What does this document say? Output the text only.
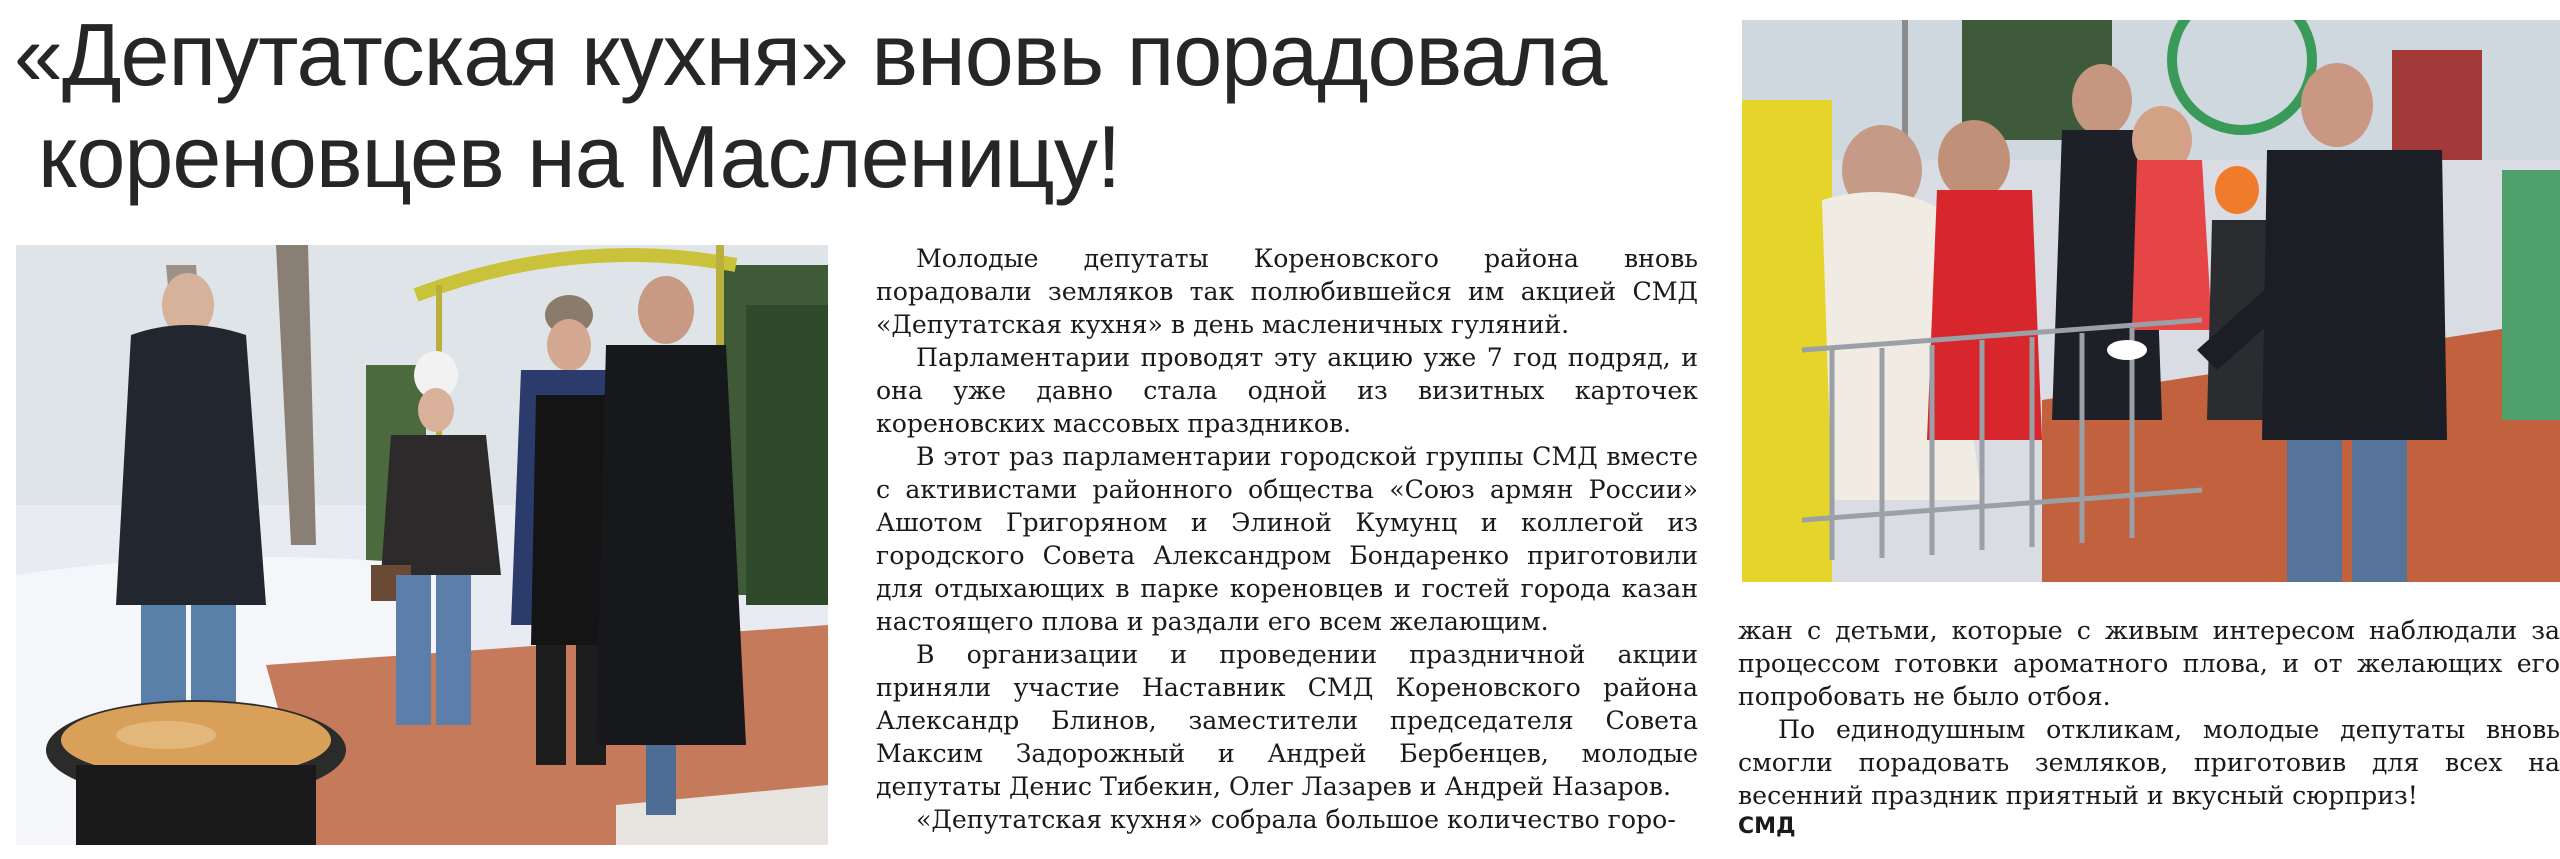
«Депутатская кухня» вновь порадовала
кореновцев на Масленицу!

Молодые депутаты Кореновского района вновь порадовали земляков так полюбившейся им акцией СМД «Депутатская кухня» в день масленичных гуляний.

Парламентарии проводят эту акцию уже 7 год подряд, и она уже давно стала одной из визитных карточек кореновских массовых праздников.

В этот раз парламентарии городской группы СМД вместе с активистами районного общества «Союз армян России» Ашотом Григоряном и Элиной Кумунц и коллегой из городского Совета Александром Бондаренко приготовили для отдыхающих в парке кореновцев и гостей города казан настоящего плова и раздали его всем желающим.

В организации и проведении праздничной акции приняли участие Наставник СМД Кореновского района Александр Блинов, заместители председателя Совета Максим Задорожный и Андрей Бербенцев, молодые депутаты Денис Тибекин, Олег Лазарев и Андрей Назаров.

«Депутатская кухня» собрала большое количество горо-

жан с детьми, которые с живым интересом наблюдали за процессом готовки ароматного плова, и от желающих его попробовать не было отбоя.

По единодушным откликам, молодые депутаты вновь смогли порадовать земляков, приготовив для всех на весенний праздник приятный и вкусный сюрприз!

СМД
